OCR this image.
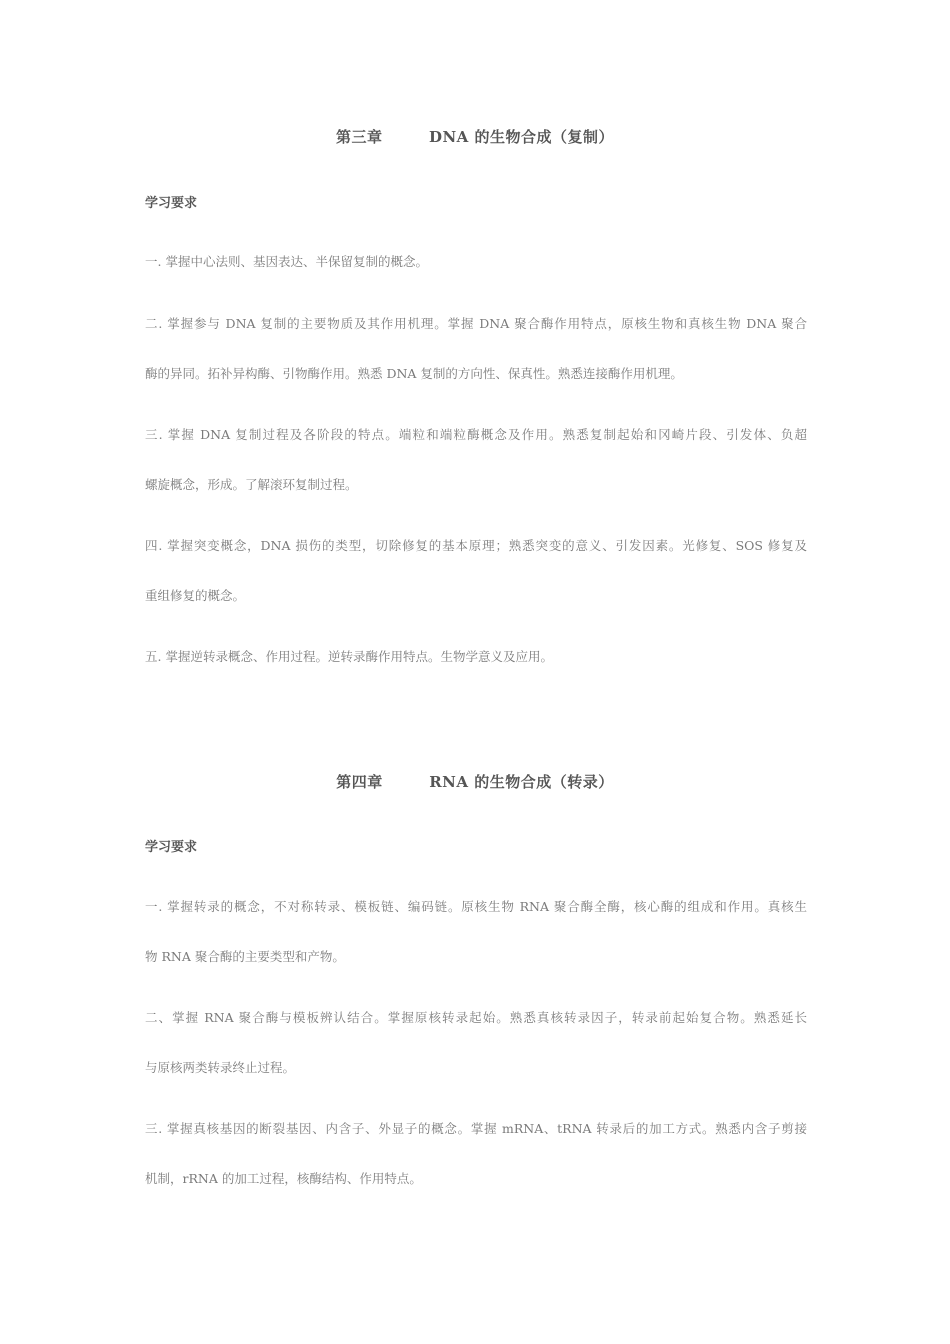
第三章　　　DNA 的生物合成（复制）
学习要求
一. 掌握中心法则、基因表达、半保留复制的概念。
二. 掌握参与 DNA 复制的主要物质及其作用机理。掌握 DNA 聚合酶作用特点，原核生物和真核生物 DNA 聚合
酶的异同。拓补异构酶、引物酶作用。熟悉 DNA 复制的方向性、保真性。熟悉连接酶作用机理。
三. 掌握 DNA 复制过程及各阶段的特点。端粒和端粒酶概念及作用。熟悉复制起始和冈崎片段、引发体、负超
螺旋概念，形成。了解滚环复制过程。
四. 掌握突变概念，DNA 损伤的类型，切除修复的基本原理；熟悉突变的意义、引发因素。光修复、SOS 修复及
重组修复的概念。
五. 掌握逆转录概念、作用过程。逆转录酶作用特点。生物学意义及应用。
第四章　　　RNA 的生物合成（转录）
学习要求
一. 掌握转录的概念，不对称转录、模板链、编码链。原核生物 RNA 聚合酶全酶，核心酶的组成和作用。真核生
物 RNA 聚合酶的主要类型和产物。
二、掌握 RNA 聚合酶与模板辨认结合。掌握原核转录起始。熟悉真核转录因子，转录前起始复合物。熟悉延长
与原核两类转录终止过程。
三. 掌握真核基因的断裂基因、内含子、外显子的概念。掌握 mRNA、tRNA 转录后的加工方式。熟悉内含子剪接
机制，rRNA 的加工过程，核酶结构、作用特点。
